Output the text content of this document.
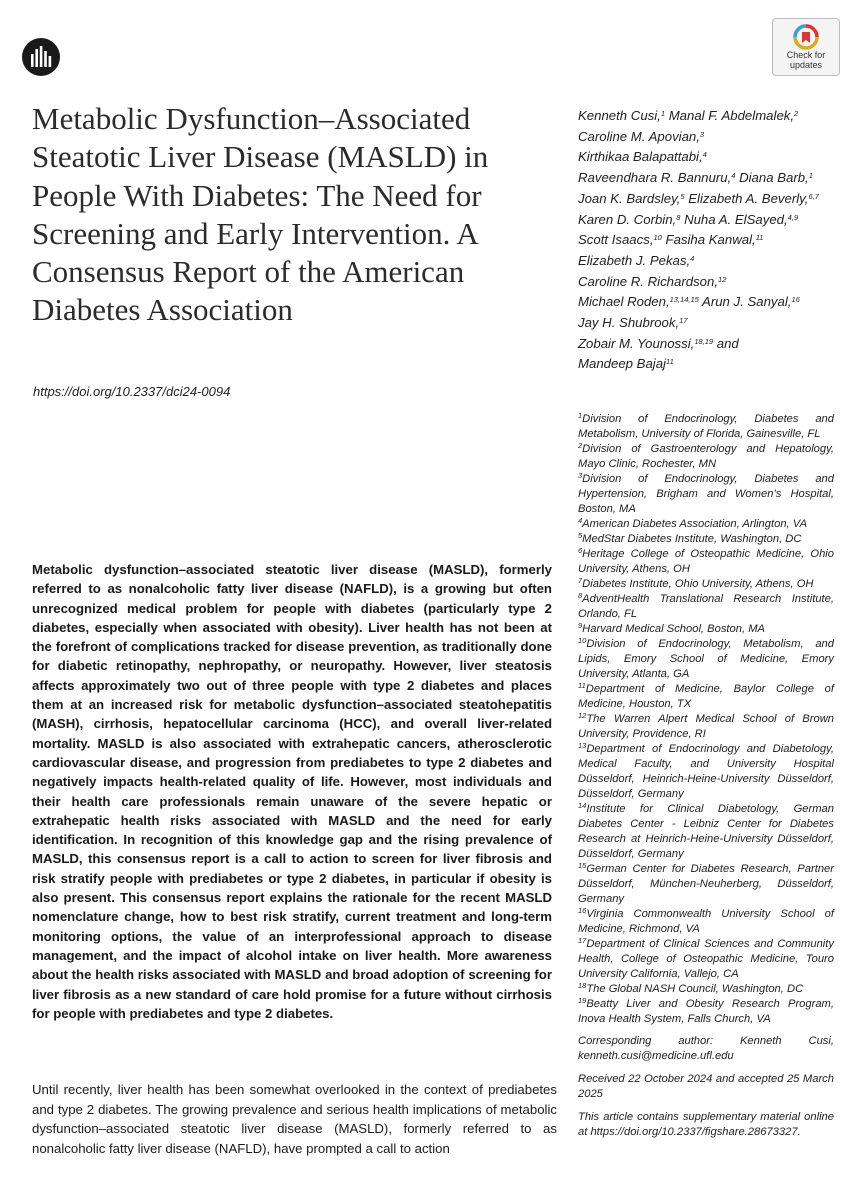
Check for updates
Metabolic Dysfunction–Associated Steatotic Liver Disease (MASLD) in People With Diabetes: The Need for Screening and Early Intervention. A Consensus Report of the American Diabetes Association
https://doi.org/10.2337/dci24-0094
Kenneth Cusi,$^1$ Manal F. Abdelmalek,$^2$
Caroline M. Apovian,$^3$
Kirthikaa Balapattabi,$^4$
Raveendhara R. Bannuru,$^4$ Diana Barb,$^1$
Joan K. Bardsley,$^5$ Elizabeth A. Beverly,$^{6,7}$
Karen D. Corbin,$^8$ Nuha A. ElSayed,$^{4,9}$
Scott Isaacs,$^{10}$ Fasiha Kanwal,$^{11}$
Elizabeth J. Pekas,$^4$
Caroline R. Richardson,$^{12}$
Michael Roden,$^{13,14,15}$ Arun J. Sanyal,$^{16}$
Jay H. Shubrook,$^{17}$
Zobair M. Younossi,$^{18,19}$ and
Mandeep Bajaj$^{11}$

$^1$Division of Endocrinology, Diabetes and Metabolism, University of Florida, Gainesville, FL

$^2$Division of Gastroenterology and Hepatology, Mayo Clinic, Rochester, MN

$^3$Division of Endocrinology, Diabetes and Hypertension, Brigham and Women’s Hospital, Boston, MA

$^4$American Diabetes Association, Arlington, VA

$^5$MedStar Diabetes Institute, Washington, DC

$^6$Heritage College of Osteopathic Medicine, Ohio University, Athens, OH

$^7$Diabetes Institute, Ohio University, Athens, OH

$^8$AdventHealth Translational Research Institute, Orlando, FL

$^9$Harvard Medical School, Boston, MA

$^{10}$Division of Endocrinology, Metabolism, and Lipids, Emory School of Medicine, Emory University, Atlanta, GA

$^{11}$Department of Medicine, Baylor College of Medicine, Houston, TX

$^{12}$The Warren Alpert Medical School of Brown University, Providence, RI

$^{13}$Department of Endocrinology and Diabetology, Medical Faculty, and University Hospital Düsseldorf, Heinrich-Heine-University Düsseldorf, Düsseldorf, Germany

$^{14}$Institute for Clinical Diabetology, German Diabetes Center - Leibniz Center for Diabetes Research at Heinrich-Heine-University Düsseldorf, Düsseldorf, Germany

$^{15}$German Center for Diabetes Research, Partner Düsseldorf, München-Neuherberg, Düsseldorf, Germany

$^{16}$Virginia Commonwealth University School of Medicine, Richmond, VA

$^{17}$Department of Clinical Sciences and Community Health, College of Osteopathic Medicine, Touro University California, Vallejo, CA

$^{18}$The Global NASH Council, Washington, DC

$^{19}$Beatty Liver and Obesity Research Program, Inova Health System, Falls Church, VA

Corresponding author: Kenneth Cusi, kenneth.cusi@medicine.ufl.edu

Received 22 October 2024 and accepted 25 March 2025

This article contains supplementary material online at https://doi.org/10.2337/figshare.28673327.

Metabolic dysfunction–associated steatotic liver disease (MASLD), formerly referred to as nonalcoholic fatty liver disease (NAFLD), is a growing but often unrecognized medical problem for people with diabetes (particularly type 2 diabetes, especially when associated with obesity). Liver health has not been at the forefront of complications tracked for disease prevention, as traditionally done for diabetic retinopathy, nephropathy, or neuropathy. However, liver steatosis affects approximately two out of three people with type 2 diabetes and places them at an increased risk for metabolic dysfunction–associated steatohepatitis (MASH), cirrhosis, hepatocellular carcinoma (HCC), and overall liver-related mortality. MASLD is also associated with extrahepatic cancers, atherosclerotic cardiovascular disease, and progression from prediabetes to type 2 diabetes and negatively impacts health-related quality of life. However, most individuals and their health care professionals remain unaware of the severe hepatic or extrahepatic health risks associated with MASLD and the need for early identification. In recognition of this knowledge gap and the rising prevalence of MASLD, this consensus report is a call to action to screen for liver fibrosis and risk stratify people with prediabetes or type 2 diabetes, in particular if obesity is also present. This consensus report explains the rationale for the recent MASLD nomenclature change, how to best risk stratify, current treatment and long-term monitoring options, the value of an interprofessional approach to disease management, and the impact of alcohol intake on liver health. More awareness about the health risks associated with MASLD and broad adoption of screening for liver fibrosis as a new standard of care hold promise for a future without cirrhosis for people with prediabetes and type 2 diabetes.

Until recently, liver health has been somewhat overlooked in the context of prediabetes and type 2 diabetes. The growing prevalence and serious health implications of metabolic dysfunction–associated steatotic liver disease (MASLD), formerly referred to as nonalcoholic fatty liver disease (NAFLD), have prompted a call to action
